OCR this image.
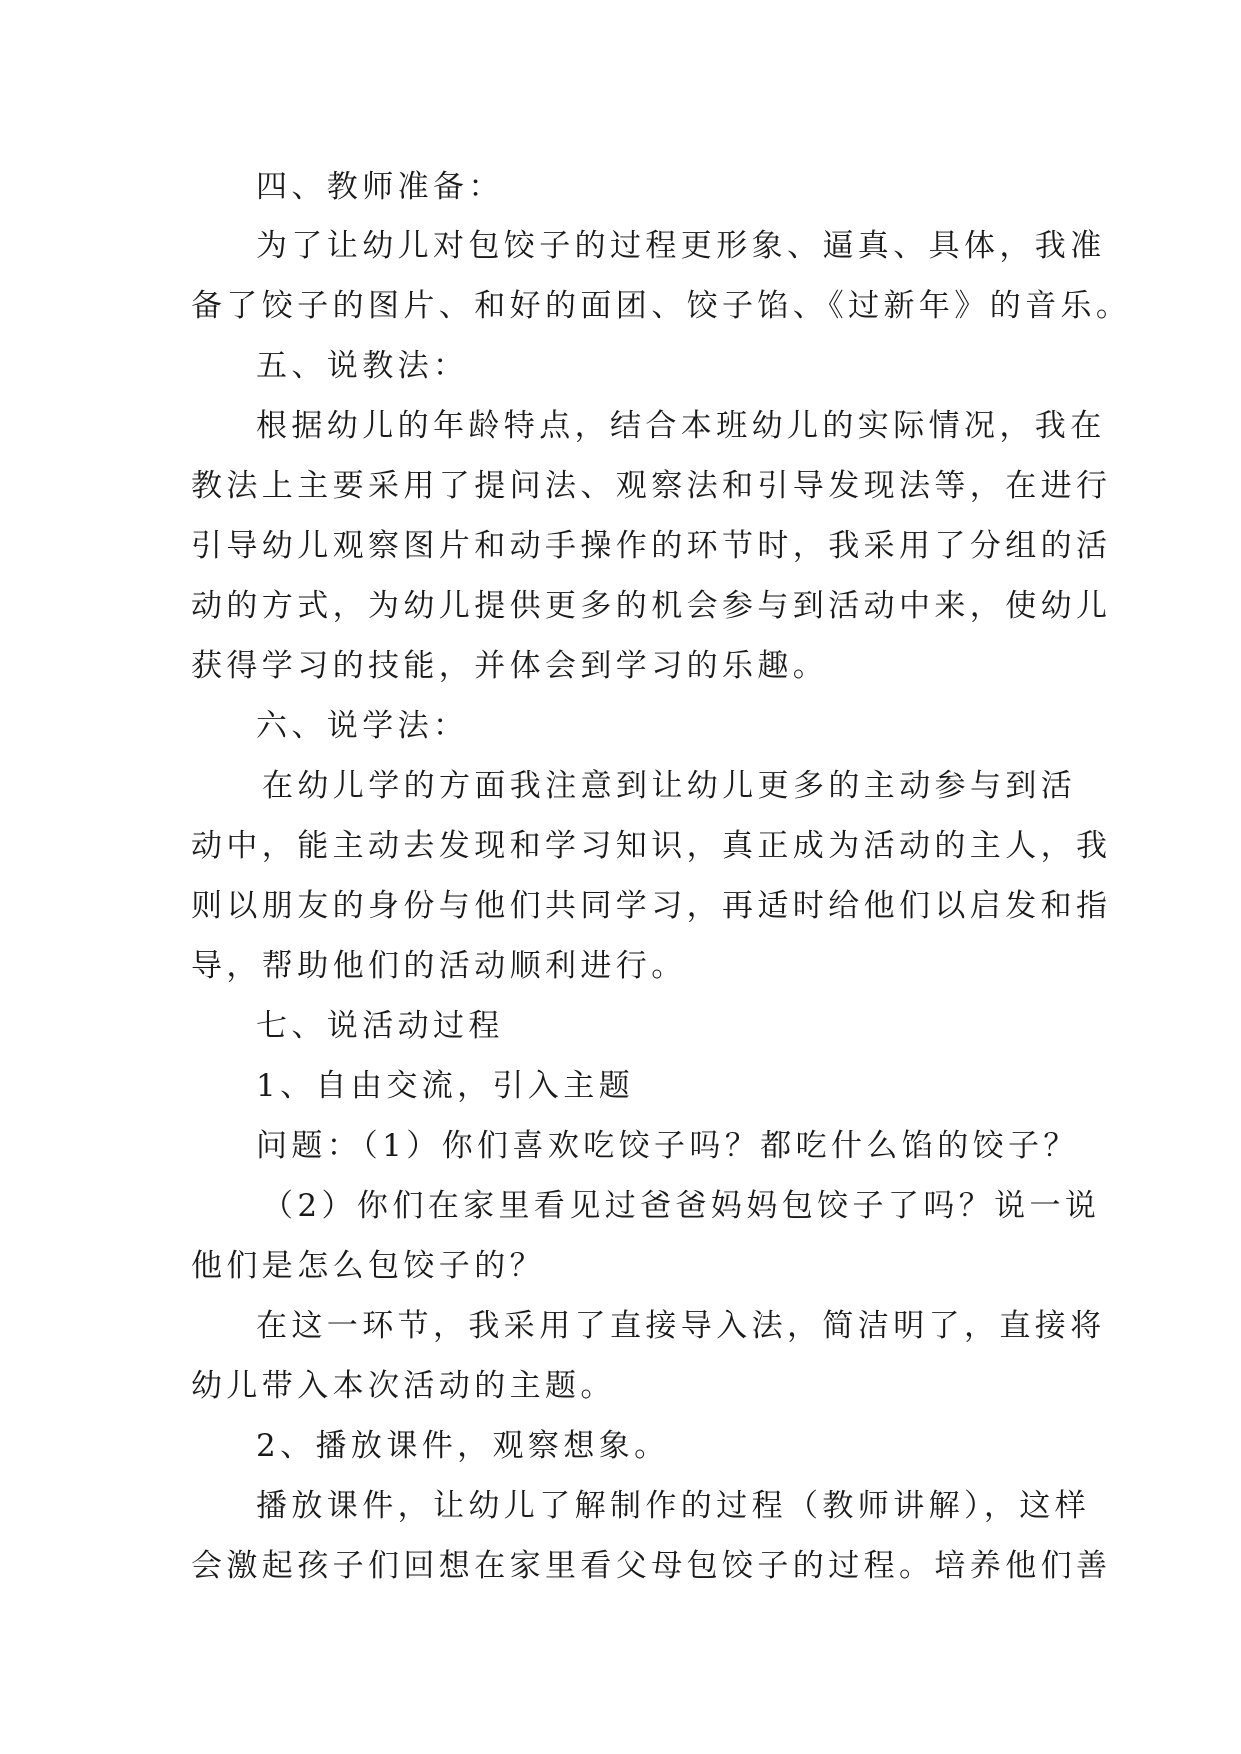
四、教师准备：

为了让幼儿对包饺子的过程更形象、逼真、具体，我准

备了饺子的图片、和好的面团、饺子馅、《过新年》的音乐。

五、说教法：

根据幼儿的年龄特点，结合本班幼儿的实际情况，我在

教法上主要采用了提问法、观察法和引导发现法等，在进行

引导幼儿观察图片和动手操作的环节时，我采用了分组的活

动的方式，为幼儿提供更多的机会参与到活动中来，使幼儿

获得学习的技能，并体会到学习的乐趣。

六、说学法：

在幼儿学的方面我注意到让幼儿更多的主动参与到活

动中，能主动去发现和学习知识，真正成为活动的主人，我

则以朋友的身份与他们共同学习，再适时给他们以启发和指

导，帮助他们的活动顺利进行。

七、说活动过程

1、自由交流，引入主题

问题：（1）你们喜欢吃饺子吗？都吃什么馅的饺子？

（2）你们在家里看见过爸爸妈妈包饺子了吗？说一说

他们是怎么包饺子的？

在这一环节，我采用了直接导入法，简洁明了，直接将

幼儿带入本次活动的主题。

2、播放课件，观察想象。

播放课件，让幼儿了解制作的过程（教师讲解），这样

会激起孩子们回想在家里看父母包饺子的过程。培养他们善
